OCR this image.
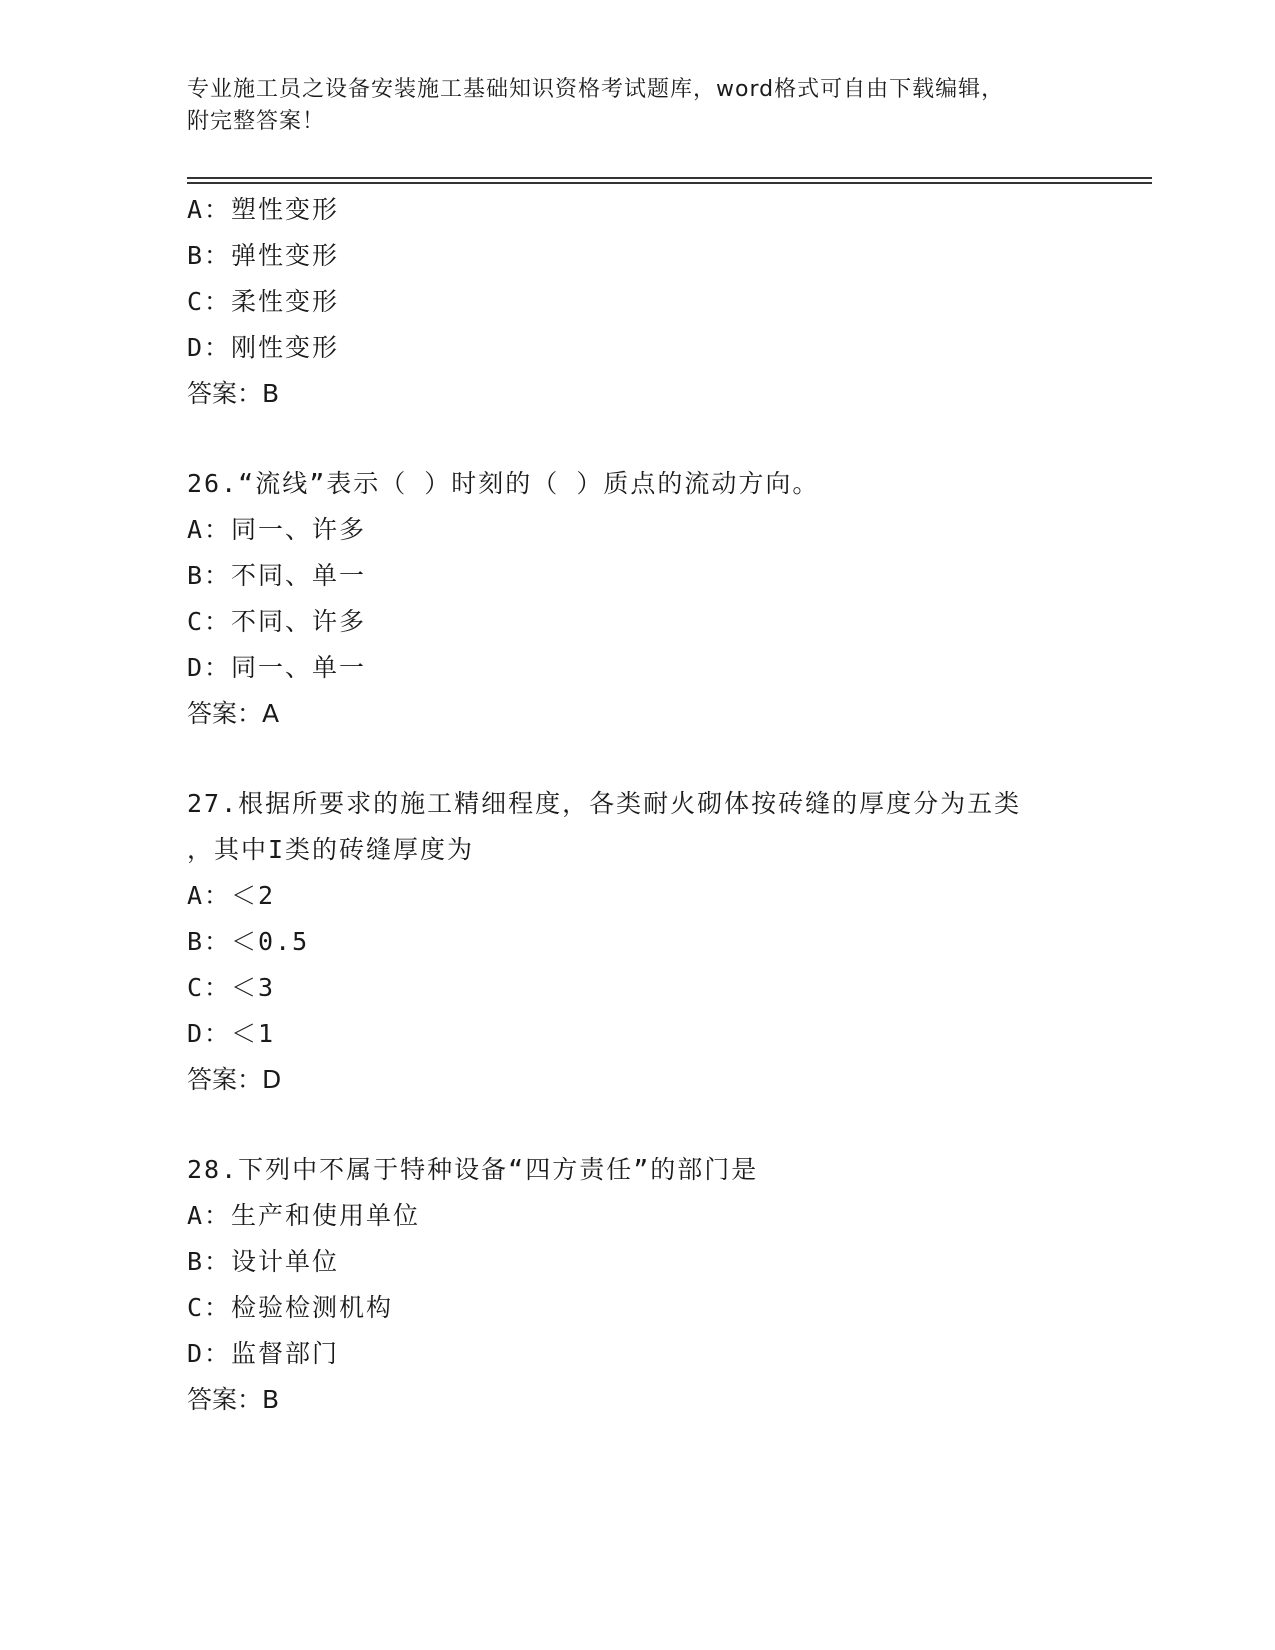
专业施工员之设备安装施工基础知识资格考试题库，word格式可自由下载编辑，
附完整答案！
A：塑性变形
B：弹性变形
C：柔性变形
D：刚性变形
答案：B
26.“流线”表示（ ）时刻的（ ）质点的流动方向。
A：同一、许多
B：不同、单一
C：不同、许多
D：同一、单一
答案：A
27.根据所要求的施工精细程度，各类耐火砌体按砖缝的厚度分为五类
，其中I类的砖缝厚度为
A：＜2
B：＜0.5
C：＜3
D：＜1
答案：D
28.下列中不属于特种设备“四方责任”的部门是
A：生产和使用单位
B：设计单位
C：检验检测机构
D：监督部门
答案：B
